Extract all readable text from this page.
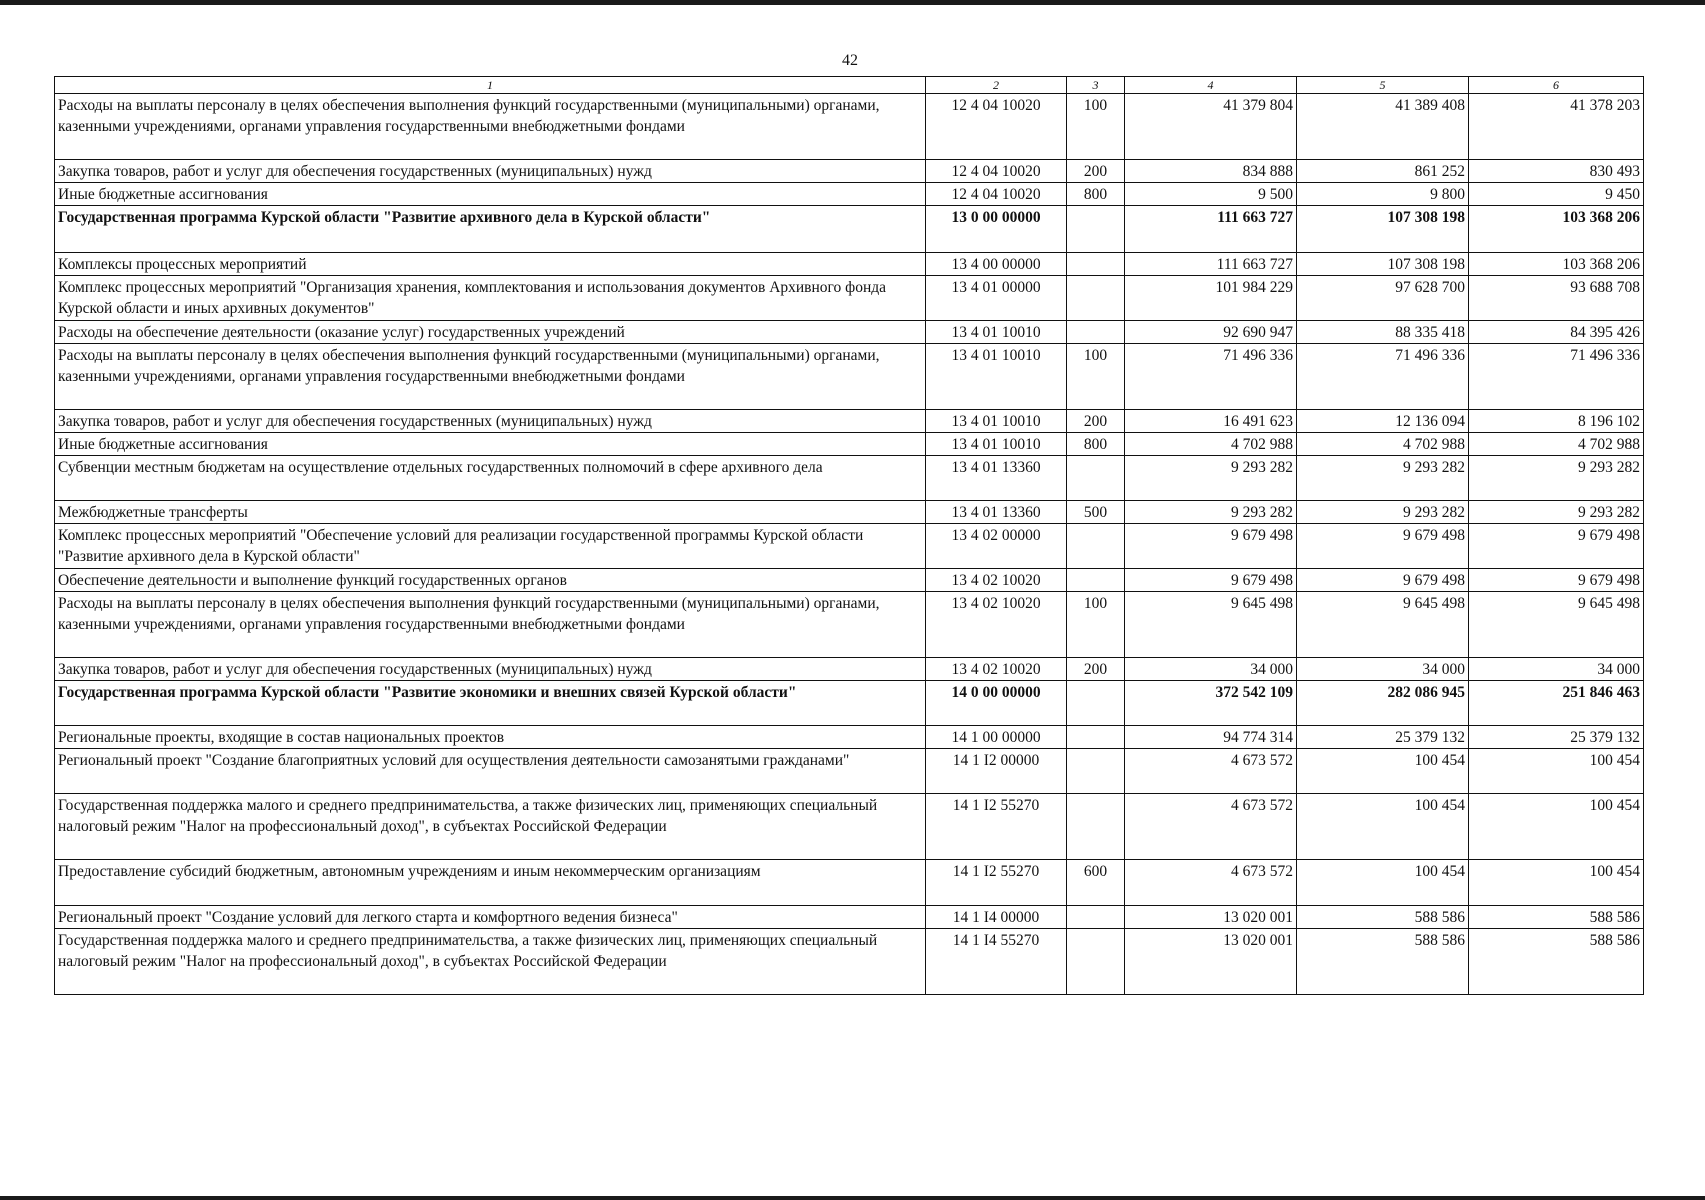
42
1	2	3	4	5	6
Расходы на выплаты персоналу в целях обеспечения выполнения функций государственными (муниципальными) органами, казенными учреждениями, органами управления государственными внебюджетными фондами	12 4 04 10020	100	41 379 804	41 389 408	41 378 203
Закупка товаров, работ и услуг для обеспечения государственных (муниципальных) нужд	12 4 04 10020	200	834 888	861 252	830 493
Иные бюджетные ассигнования	12 4 04 10020	800	9 500	9 800	9 450
Государственная программа Курской области "Развитие архивного дела в Курской области"	13 0 00 00000		111 663 727	107 308 198	103 368 206
Комплексы процессных мероприятий	13 4 00 00000		111 663 727	107 308 198	103 368 206
Комплекс процессных мероприятий "Организация хранения, комплектования и использования документов Архивного фонда Курской области и иных архивных документов"	13 4 01 00000		101 984 229	97 628 700	93 688 708
Расходы на обеспечение деятельности (оказание услуг) государственных учреждений	13 4 01 10010		92 690 947	88 335 418	84 395 426
Расходы на выплаты персоналу в целях обеспечения выполнения функций государственными (муниципальными) органами, казенными учреждениями, органами управления государственными внебюджетными фондами	13 4 01 10010	100	71 496 336	71 496 336	71 496 336
Закупка товаров, работ и услуг для обеспечения государственных (муниципальных) нужд	13 4 01 10010	200	16 491 623	12 136 094	8 196 102
Иные бюджетные ассигнования	13 4 01 10010	800	4 702 988	4 702 988	4 702 988
Субвенции местным бюджетам на осуществление отдельных государственных полномочий в сфере архивного дела	13 4 01 13360		9 293 282	9 293 282	9 293 282
Межбюджетные трансферты	13 4 01 13360	500	9 293 282	9 293 282	9 293 282
Комплекс процессных мероприятий "Обеспечение условий для реализации государственной программы Курской области "Развитие архивного дела в Курской области"	13 4 02 00000		9 679 498	9 679 498	9 679 498
Обеспечение деятельности и выполнение функций государственных органов	13 4 02 10020		9 679 498	9 679 498	9 679 498
Расходы на выплаты персоналу в целях обеспечения выполнения функций государственными (муниципальными) органами, казенными учреждениями, органами управления государственными внебюджетными фондами	13 4 02 10020	100	9 645 498	9 645 498	9 645 498
Закупка товаров, работ и услуг для обеспечения государственных (муниципальных) нужд	13 4 02 10020	200	34 000	34 000	34 000
Государственная программа Курской области "Развитие экономики и внешних связей Курской области"	14 0 00 00000		372 542 109	282 086 945	251 846 463
Региональные проекты, входящие в состав национальных проектов	14 1 00 00000		94 774 314	25 379 132	25 379 132
Региональный проект "Создание благоприятных условий для осуществления деятельности самозанятыми гражданами"	14 1 I2 00000		4 673 572	100 454	100 454
Государственная поддержка малого и среднего предпринимательства, а также физических лиц, применяющих специальный налоговый режим "Налог на профессиональный доход", в субъектах Российской Федерации	14 1 I2 55270		4 673 572	100 454	100 454
Предоставление субсидий бюджетным, автономным учреждениям и иным некоммерческим организациям	14 1 I2 55270	600	4 673 572	100 454	100 454
Региональный проект "Создание условий для легкого старта и комфортного ведения бизнеса"	14 1 I4 00000		13 020 001	588 586	588 586
Государственная поддержка малого и среднего предпринимательства, а также физических лиц, применяющих специальный налоговый режим "Налог на профессиональный доход", в субъектах Российской Федерации	14 1 I4 55270		13 020 001	588 586	588 586
